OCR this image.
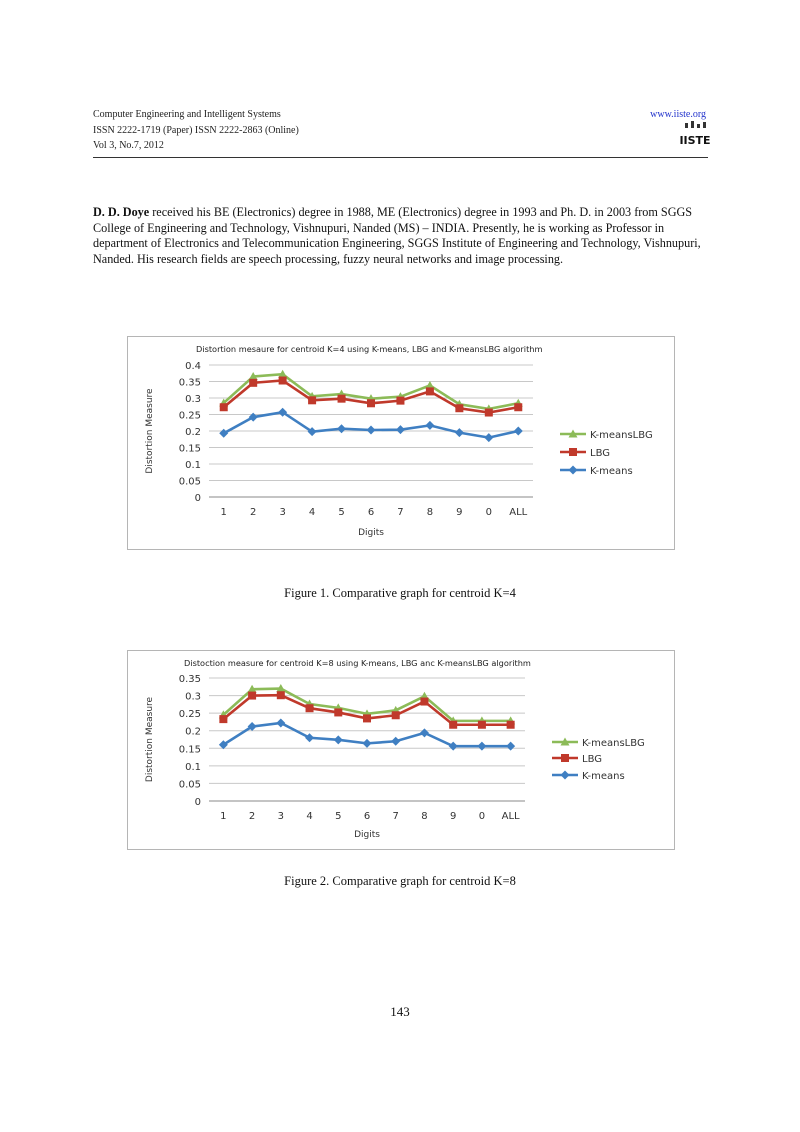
Computer Engineering and Intelligent Systems
ISSN 2222-1719 (Paper) ISSN 2222-2863 (Online)
Vol 3, No.7, 2012
www.iiste.org
IISTE
D. D. Doye received his BE (Electronics) degree in 1988, ME (Electronics) degree in 1993 and Ph. D. in 2003 from SGGS College of Engineering and Technology, Vishnupuri, Nanded (MS) – INDIA. Presently, he is working as Professor in department of Electronics and Telecommunication Engineering, SGGS Institute of Engineering and Technology, Vishnupuri, Nanded. His research fields are speech processing, fuzzy neural networks and image processing.
Distortion mesaure for centroid K=4 using K-means, LBG and K-meansLBG algorithm
0
0.05
0.1
0.15
0.2
0.25
0.3
0.35
0.4
Distortion Measure
1 2 3 4 5 6 7 8 9 0 ALL
Digits
K-meansLBG
LBG
K-means
Figure 1. Comparative graph for centroid K=4
Distoction measure for centroid K=8 using K-means, LBG anc K-meansLBG algorithm
0
0.05
0.1
0.15
0.2
0.25
0.3
0.35
Distortion Measure
1 2 3 4 5 6 7 8 9 0 ALL
Digits
K-meansLBG
LBG
K-means
Figure 2. Comparative graph for centroid K=8
143
